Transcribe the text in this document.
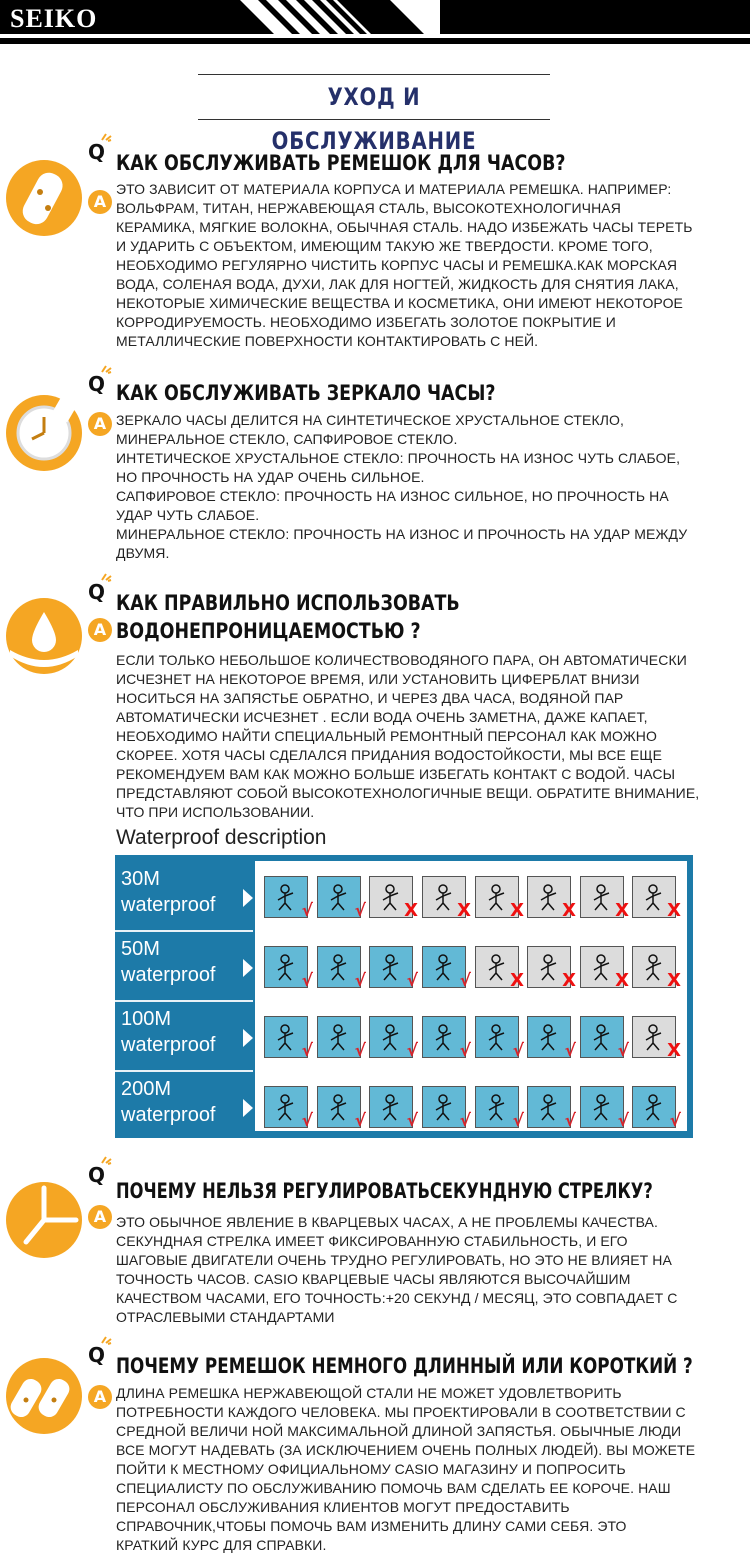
SEIKO
УХОД И ОБСЛУЖИВАНИЕ
Q
A
КАК ОБСЛУЖИВАТЬ РЕМЕШОК ДЛЯ ЧАСОВ?

ЭТО ЗАВИСИТ ОТ МАТЕРИАЛА КОРПУСА И МАТЕРИАЛА РЕМЕШКА. НАПРИМЕР:

ВОЛЬФРАМ, ТИТАН, НЕРЖАВЕЮЩАЯ СТАЛЬ, ВЫСОКОТЕХНОЛОГИЧНАЯ

КЕРАМИКА, МЯГКИЕ ВОЛОКНА, ОБЫЧНАЯ СТАЛЬ. НАДО ИЗБЕЖАТЬ ЧАСЫ ТЕРЕТЬ

И УДАРИТЬ С ОБЪЕКТОМ, ИМЕЮЩИМ ТАКУЮ ЖЕ ТВЕРДОСТИ. КРОМЕ ТОГО,

НЕОБХОДИМО РЕГУЛЯРНО ЧИСТИТЬ КОРПУС ЧАСЫ И РЕМЕШКА.КАК МОРСКАЯ

ВОДА, СОЛЕНАЯ ВОДА, ДУХИ, ЛАК ДЛЯ НОГТЕЙ, ЖИДКОСТЬ ДЛЯ СНЯТИЯ ЛАКА,

НЕКОТОРЫЕ ХИМИЧЕСКИЕ ВЕЩЕСТВА И КОСМЕТИКА, ОНИ ИМЕЮТ НЕКОТОРОЕ

КОРРОДИРУЕМОСТЬ. НЕОБХОДИМО ИЗБЕГАТЬ ЗОЛОТОЕ ПОКРЫТИЕ И

МЕТАЛЛИЧЕСКИЕ ПОВЕРХНОСТИ КОНТАКТИРОВАТЬ С НЕЙ.

Q
A
КАК ОБСЛУЖИВАТЬ ЗЕРКАЛО ЧАСЫ?

ЗЕРКАЛО ЧАСЫ ДЕЛИТСЯ НА СИНТЕТИЧЕСКОЕ ХРУСТАЛЬНОЕ СТЕКЛО,

МИНЕРАЛЬНОЕ СТЕКЛО, САПФИРОВОЕ СТЕКЛО.

ИНТЕТИЧЕСКОЕ ХРУСТАЛЬНОЕ СТЕКЛО: ПРОЧНОСТЬ НА ИЗНОС ЧУТЬ СЛАБОЕ,

НО ПРОЧНОСТЬ НА УДАР ОЧЕНЬ СИЛЬНОЕ.

САПФИРОВОЕ СТЕКЛО: ПРОЧНОСТЬ НА ИЗНОС СИЛЬНОЕ, НО ПРОЧНОСТЬ НА

УДАР ЧУТЬ СЛАБОЕ.

МИНЕРАЛЬНОЕ СТЕКЛО: ПРОЧНОСТЬ НА ИЗНОС И ПРОЧНОСТЬ НА УДАР МЕЖДУ

ДВУМЯ.

Q
A
КАК ПРАВИЛЬНО ИСПОЛЬЗОВАТЬ
ВОДОНЕПРОНИЦАЕМОСТЬЮ ?

ЕСЛИ ТОЛЬКО НЕБОЛЬШОЕ КОЛИЧЕСТВОВОДЯНОГО ПАРА, ОН АВТОМАТИЧЕСКИ

ИСЧЕЗНЕТ НА НЕКОТОРОЕ ВРЕМЯ, ИЛИ УСТАНОВИТЬ ЦИФЕРБЛАТ ВНИЗИ

НОСИТЬСЯ НА ЗАПЯСТЬЕ ОБРАТНО, И ЧЕРЕЗ ДВА ЧАСА, ВОДЯНОЙ ПАР

АВТОМАТИЧЕСКИ ИСЧЕЗНЕТ . ЕСЛИ ВОДА ОЧЕНЬ ЗАМЕТНА, ДАЖЕ КАПАЕТ,

НЕОБХОДИМО НАЙТИ СПЕЦИАЛЬНЫЙ РЕМОНТНЫЙ ПЕРСОНАЛ КАК МОЖНО

СКОРЕЕ. ХОТЯ ЧАСЫ СДЕЛАЛСЯ ПРИДАНИЯ ВОДОСТОЙКОСТИ, МЫ ВСЕ ЕЩЕ

РЕКОМЕНДУЕМ ВАМ КАК МОЖНО БОЛЬШЕ ИЗБЕГАТЬ КОНТАКТ С ВОДОЙ. ЧАСЫ

ПРЕДСТАВЛЯЮТ СОБОЙ ВЫСОКОТЕХНОЛОГИЧНЫЕ ВЕЩИ. ОБРАТИТЕ ВНИМАНИЕ,

ЧТО ПРИ ИСПОЛЬЗОВАНИИ.

Waterproof description
√ √ X X X X X X
√ √ √ √ X X X X
√ √ √ √ √ √ √ X
√ √ √ √ √ √ √ √
30M
waterproof
50M
waterproof
100M
waterproof
200M
waterproof
Q
A
ПОЧЕМУ НЕЛЬЗЯ РЕГУЛИРОВАТЬСЕКУНДНУЮ СТРЕЛКУ?

ЭТО ОБЫЧНОЕ ЯВЛЕНИЕ В КВАРЦЕВЫХ ЧАСАХ, А НЕ ПРОБЛЕМЫ КАЧЕСТВА.

СЕКУНДНАЯ СТРЕЛКА ИМЕЕТ ФИКСИРОВАННУЮ СТАБИЛЬНОСТЬ, И ЕГО

ШАГОВЫЕ ДВИГАТЕЛИ ОЧЕНЬ ТРУДНО РЕГУЛИРОВАТЬ, НО ЭТО НЕ ВЛИЯЕТ НА

ТОЧНОСТЬ ЧАСОВ. CASIO КВАРЦЕВЫЕ ЧАСЫ ЯВЛЯЮТСЯ ВЫСОЧАЙШИМ

КАЧЕСТВОМ ЧАСАМИ, ЕГО ТОЧНОСТЬ:+20 СЕКУНД / МЕСЯЦ, ЭТО СОВПАДАЕТ С

ОТРАСЛЕВЫМИ СТАНДАРТАМИ

Q
A
ПОЧЕМУ РЕМЕШОК НЕМНОГО ДЛИННЫЙ ИЛИ КОРОТКИЙ ?

ДЛИНА РЕМЕШКА НЕРЖАВЕЮЩОЙ СТАЛИ НЕ МОЖЕТ УДОВЛЕТВОРИТЬ

ПОТРЕБНОСТИ КАЖДОГО ЧЕЛОВЕКА. МЫ ПРОЕКТИРОВАЛИ В СООТВЕТСТВИИ С

СРЕДНОЙ ВЕЛИЧИ НОЙ МАКСИМАЛЬНОЙ ДЛИНОЙ ЗАПЯСТЬЯ. ОБЫЧНЫЕ ЛЮДИ

ВСЕ МОГУТ НАДЕВАТЬ (ЗА ИСКЛЮЧЕНИЕМ ОЧЕНЬ ПОЛНЫХ ЛЮДЕЙ). ВЫ МОЖЕТЕ

ПОЙТИ К МЕСТНОМУ ОФИЦИАЛЬНОМУ CASIO МАГАЗИНУ И ПОПРОСИТЬ

СПЕЦИАЛИСТУ ПО ОБСЛУЖИВАНИЮ ПОМОЧЬ ВАМ СДЕЛАТЬ ЕЕ КОРОЧЕ. НАШ

ПЕРСОНАЛ ОБСЛУЖИВАНИЯ КЛИЕНТОВ МОГУТ ПРЕДОСТАВИТЬ

СПРАВОЧНИК,ЧТОБЫ ПОМОЧЬ ВАМ ИЗМЕНИТЬ ДЛИНУ САМИ СЕБЯ. ЭТО

КРАТКИЙ КУРС ДЛЯ СПРАВКИ.
